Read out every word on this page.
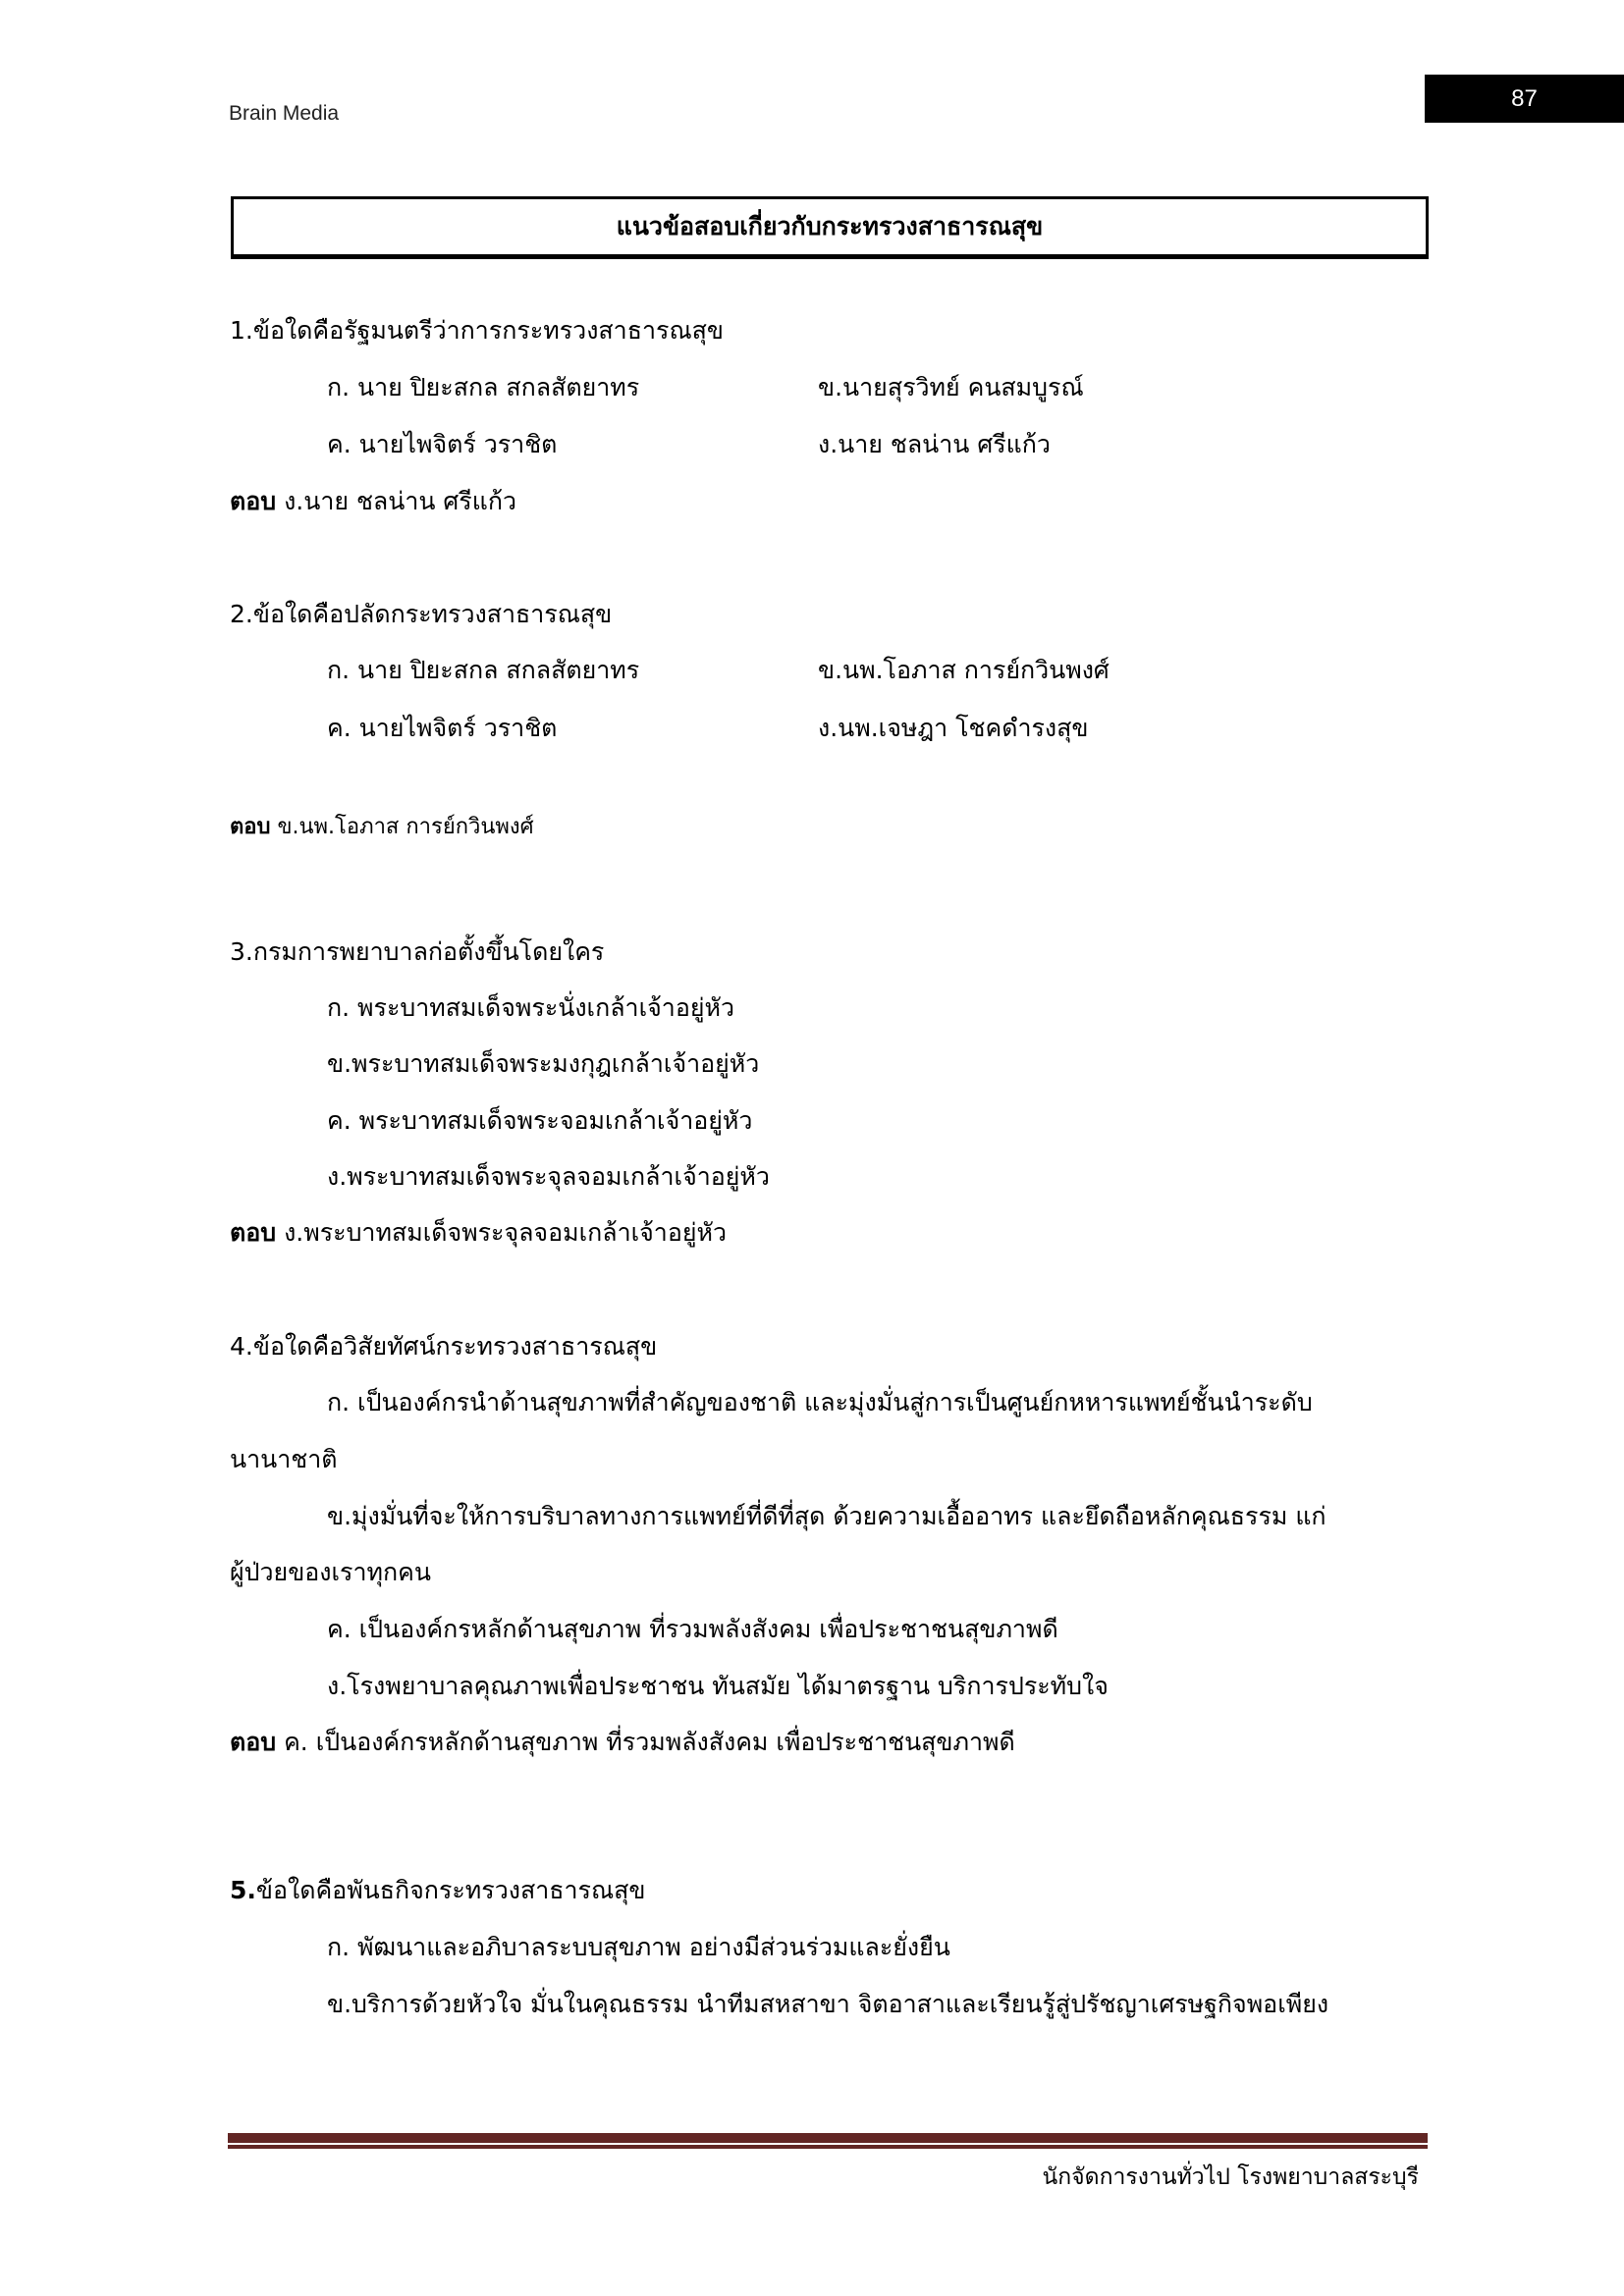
Brain Media
87
แนวข้อสอบเกี่ยวกับกระทรวงสาธารณสุข
1.ข้อใดคือรัฐมนตรีว่าการกระทรวงสาธารณสุข
ก. นาย ปิยะสกล สกลสัตยาทร	ข.นายสุรวิทย์ คนสมบูรณ์
ค. นายไพจิตร์ วราชิต	ง.นาย ชลน่าน ศรีแก้ว
ตอบ ง.นาย ชลน่าน ศรีแก้ว
2.ข้อใดคือปลัดกระทรวงสาธารณสุข
ก. นาย ปิยะสกล สกลสัตยาทร	ข.นพ.โอภาส การย์กวินพงศ์
ค. นายไพจิตร์ วราชิต	ง.นพ.เจษฎา โชคดำรงสุข
ตอบ ข.นพ.โอภาส การย์กวินพงศ์
3.กรมการพยาบาลก่อตั้งขึ้นโดยใคร
ก. พระบาทสมเด็จพระนั่งเกล้าเจ้าอยู่หัว
ข.พระบาทสมเด็จพระมงกุฎเกล้าเจ้าอยู่หัว
ค. พระบาทสมเด็จพระจอมเกล้าเจ้าอยู่หัว
ง.พระบาทสมเด็จพระจุลจอมเกล้าเจ้าอยู่หัว
ตอบ ง.พระบาทสมเด็จพระจุลจอมเกล้าเจ้าอยู่หัว
4.ข้อใดคือวิสัยทัศน์กระทรวงสาธารณสุข
ก. เป็นองค์กรนำด้านสุขภาพที่สำคัญของชาติ และมุ่งมั่นสู่การเป็นศูนย์กหหารแพทย์ชั้นนำระดับ
นานาชาติ
ข.มุ่งมั่นที่จะให้การบริบาลทางการแพทย์ที่ดีที่สุด ด้วยความเอื้ออาทร และยึดถือหลักคุณธรรม แก่
ผู้ป่วยของเราทุกคน
ค. เป็นองค์กรหลักด้านสุขภาพ ที่รวมพลังสังคม เพื่อประชาชนสุขภาพดี
ง.โรงพยาบาลคุณภาพเพื่อประชาชน ทันสมัย ได้มาตรฐาน บริการประทับใจ
ตอบ ค. เป็นองค์กรหลักด้านสุขภาพ ที่รวมพลังสังคม เพื่อประชาชนสุขภาพดี
5.ข้อใดคือพันธกิจกระทรวงสาธารณสุข
ก. พัฒนาและอภิบาลระบบสุขภาพ อย่างมีส่วนร่วมและยั่งยืน
ข.บริการด้วยหัวใจ มั่นในคุณธรรม นำทีมสหสาขา จิตอาสาและเรียนรู้สู่ปรัชญาเศรษฐกิจพอเพียง
นักจัดการงานทั่วไป โรงพยาบาลสระบุรี
